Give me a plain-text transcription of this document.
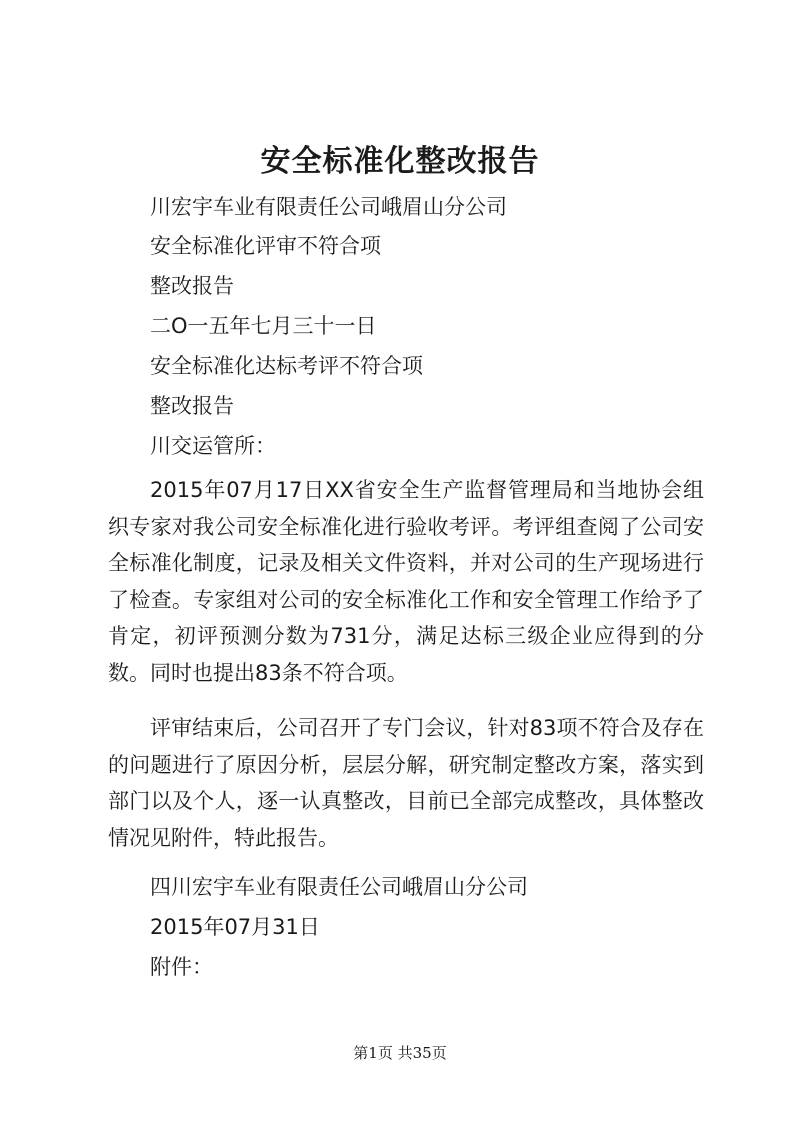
安全标准化整改报告
川宏宇车业有限责任公司峨眉山分公司
安全标准化评审不符合项
整改报告
二O一五年七月三十一日
安全标准化达标考评不符合项
整改报告
川交运管所：
2015年07月17日XX省安全生产监督管理局和当地协会组织专家对我公司安全标准化进行验收考评。考评组查阅了公司安全标准化制度，记录及相关文件资料，并对公司的生产现场进行了检查。专家组对公司的安全标准化工作和安全管理工作给予了肯定，初评预测分数为731分，满足达标三级企业应得到的分数。同时也提出83条不符合项。
评审结束后，公司召开了专门会议，针对83项不符合及存在的问题进行了原因分析，层层分解，研究制定整改方案，落实到部门以及个人，逐一认真整改，目前已全部完成整改，具体整改情况见附件，特此报告。
四川宏宇车业有限责任公司峨眉山分公司
2015年07月31日
附件：
第1页 共35页
